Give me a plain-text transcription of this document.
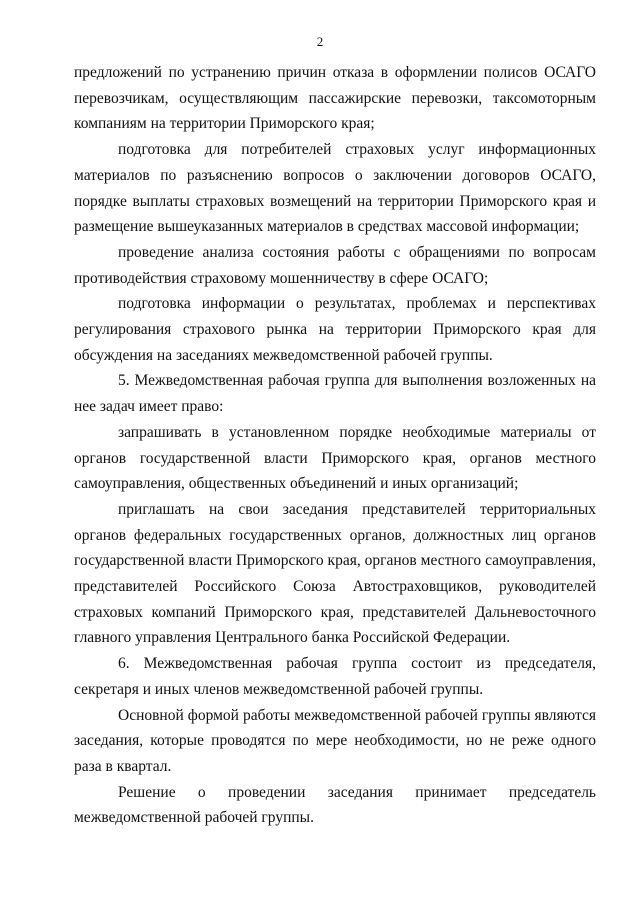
2

предложений по устранению причин отказа в оформлении полисов ОСАГО перевозчикам, осуществляющим пассажирские перевозки, таксомоторным компаниям на территории Приморского края;

подготовка для потребителей страховых услуг информационных материалов по разъяснению вопросов о заключении договоров ОСАГО, порядке выплаты страховых возмещений на территории Приморского края и размещение вышеуказанных материалов в средствах массовой информации;

проведение анализа состояния работы с обращениями по вопросам противодействия страховому мошенничеству в сфере ОСАГО;

подготовка информации о результатах, проблемах и перспективах регулирования страхового рынка на территории Приморского края для обсуждения на заседаниях межведомственной рабочей группы.

5. Межведомственная рабочая группа для выполнения возложенных на нее задач имеет право:

запрашивать в установленном порядке необходимые материалы от органов государственной власти Приморского края, органов местного самоуправления, общественных объединений и иных организаций;

приглашать на свои заседания представителей территориальных органов федеральных государственных органов, должностных лиц органов государственной власти Приморского края, органов местного самоуправления, представителей Российского Союза Автостраховщиков, руководителей страховых компаний Приморского края, представителей Дальневосточного главного управления Центрального банка Российской Федерации.

6. Межведомственная рабочая группа состоит из председателя, секретаря и иных членов межведомственной рабочей группы.

Основной формой работы межведомственной рабочей группы являются заседания, которые проводятся по мере необходимости, но не реже одного раза в квартал.

Решение о проведении заседания принимает председатель межведомственной рабочей группы.
